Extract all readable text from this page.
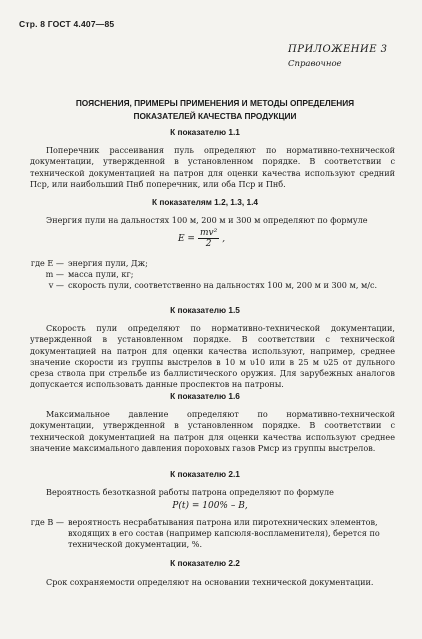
Стр. 8 ГОСТ 4.407—85
ПРИЛОЖЕНИЕ 3
Справочное
ПОЯСНЕНИЯ, ПРИМЕРЫ ПРИМЕНЕНИЯ И МЕТОДЫ ОПРЕДЕЛЕНИЯ
ПОКАЗАТЕЛЕЙ КАЧЕСТВА ПРОДУКЦИИ
К показателю 1.1
Поперечник рассеивания пуль определяют по нормативно-технической документации, утвержденной в установленном порядке. В соответствии с технической документацией на патрон для оценки качества используют средний Пср, или наибольший Пнб поперечник, или оба Пср и Пнб.
К показателям 1.2, 1.3, 1.4
Энергия пули на дальностях 100 м, 200 м и 300 м определяют по формуле
$E = \frac{\text{mv²}}{2}$ ,
где E — энергия пули, Дж;
m — масса пули, кг;
v — скорость пули, соответственно на дальностях 100 м, 200 м и 300 м, м/с.
К показателю 1.5
Скорость пули определяют по нормативно-технической документации, утвержденной в установленном порядке. В соответствии с технической документацией на патрон для оценки качества используют, например, среднее значение скорости из группы выстрелов в 10 м υ10 или в 25 м υ25 от дульного среза ствола при стрельбе из баллистического оружия. Для зарубежных аналогов допускается использовать данные проспектов на патроны.
К показателю 1.6
Максимальное давление определяют по нормативно-технической документации, утвержденной в установленном порядке. В соответствии с технической документацией на патрон для оценки качества используют среднее значение максимального давления пороховых газов Pмср из группы выстрелов.
К показателю 2.1
Вероятность безотказной работы патрона определяют по формуле
P(t) = 100% – B,
где B — вероятность несрабатывания патрона или пиротехнических элементов, входящих в его состав (например капсюля-воспламенителя), берется по технической документации, %.
К показателю 2.2
Срок сохраняемости определяют на основании технической документации.
